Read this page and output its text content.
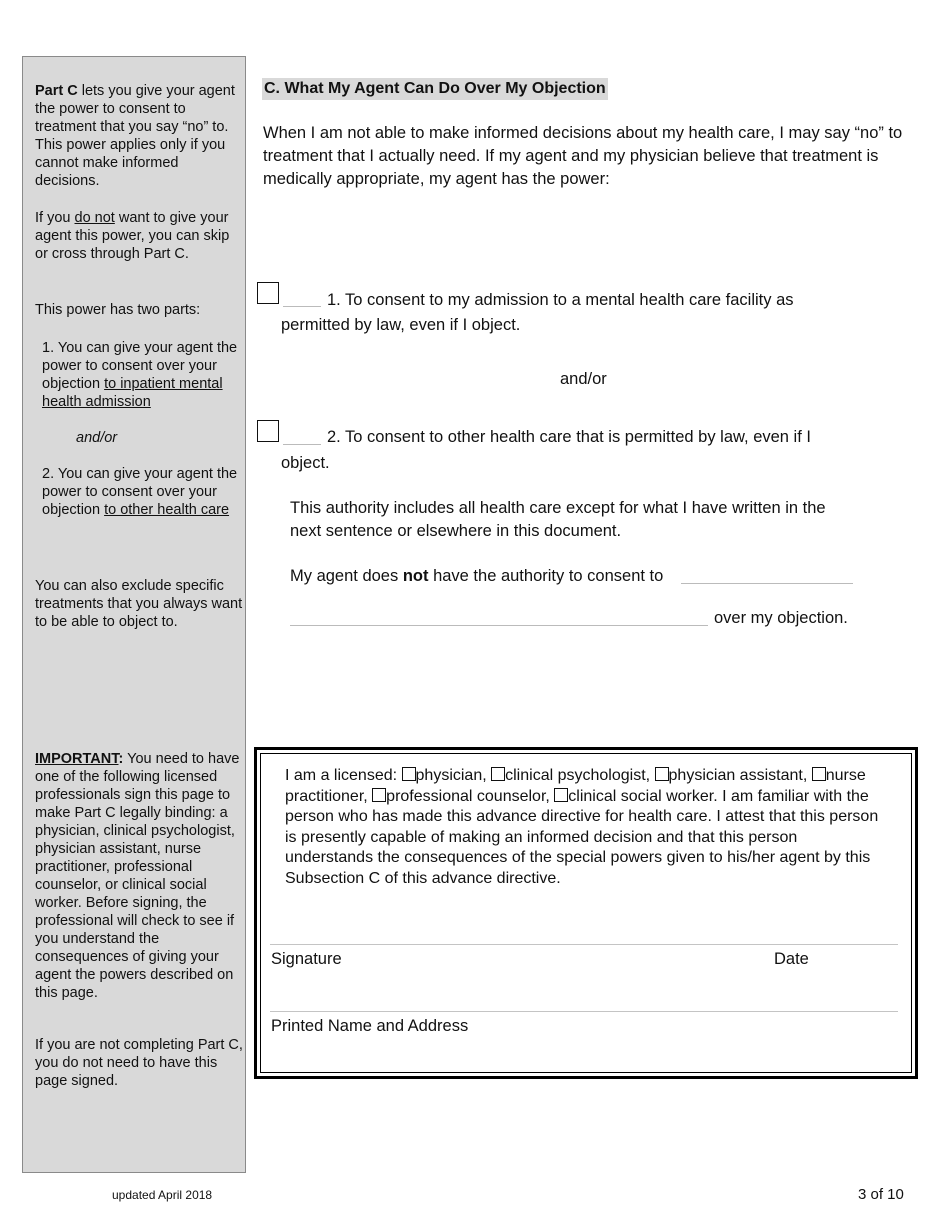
Part C lets you give your agent the power to consent to treatment that you say “no” to. This power applies only if you cannot make informed decisions.
If you do not want to give your agent this power, you can skip or cross through Part C.
This power has two parts:
1. You can give your agent the power to consent over your objection to inpatient mental health admission
and/or
2. You can give your agent the power to consent over your objection to other health care
You can also exclude specific treatments that you always want to be able to object to.
IMPORTANT: You need to have one of the following licensed professionals sign this page to make Part C legally binding: a physician, clinical psychologist, physician assistant, nurse practitioner, professional counselor, or clinical social worker. Before signing, the professional will check to see if you understand the consequences of giving your agent the powers described on this page.
If you are not completing Part C, you do not need to have this page signed.
C. What My Agent Can Do Over My Objection
When I am not able to make informed decisions about my health care, I may say “no” to treatment that I actually need. If my agent and my physician believe that treatment is medically appropriate, my agent has the power:
1. To consent to my admission to a mental health care facility as
permitted by law, even if I object.
and/or
2. To consent to other health care that is permitted by law, even if I
object.
This authority includes all health care except for what I have written in the next sentence or elsewhere in this document.
My agent does not have the authority to consent to
over my objection.
I am a licensed: physician, clinical psychologist, physician assistant, nurse practitioner, professional counselor, clinical social worker. I am familiar with the person who has made this advance directive for health care. I attest that this person is presently capable of making an informed decision and that this person understands the consequences of the special powers given to his/her agent by this Subsection C of this advance directive.
Signature	Date
Printed Name and Address
updated April 2018	3 of 10
